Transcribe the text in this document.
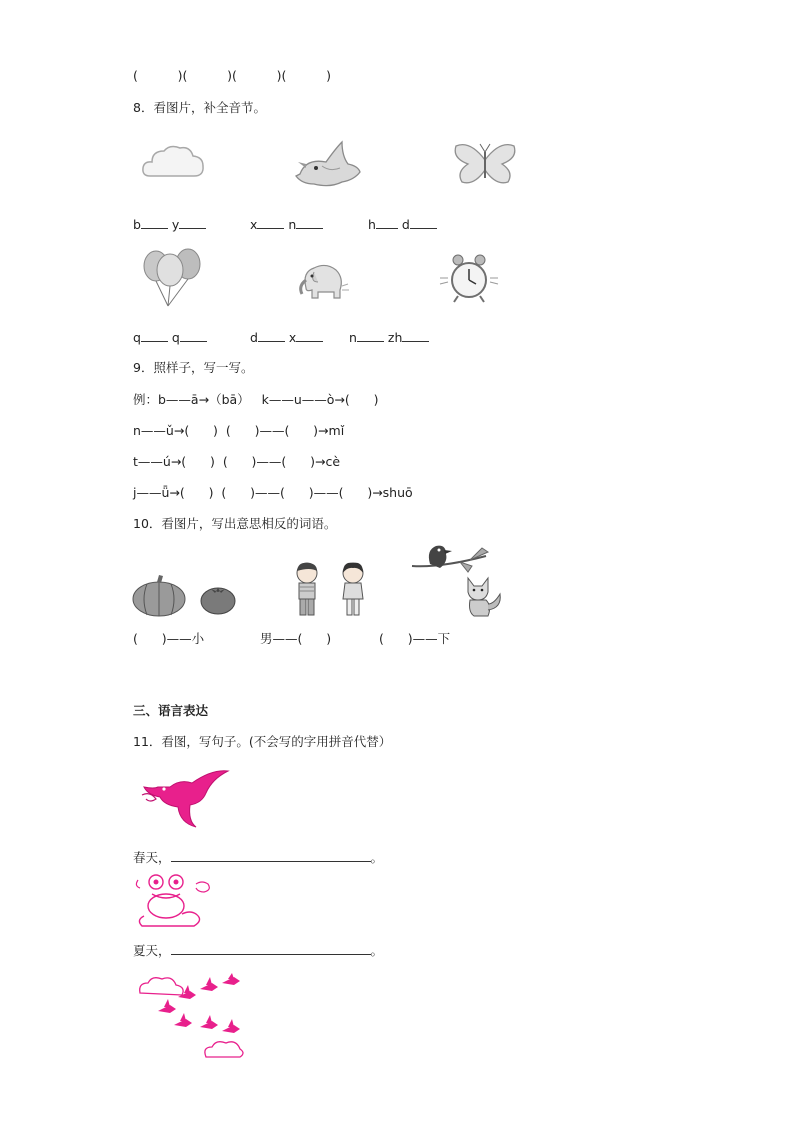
(          )(          )(          )(          )
8．看图片，补全音节。
b y	x n	h d
q q	d x	n zh
9．照样子，写一写。
例：b——ā→（bā）   k——u——ò→(      )
n——ǔ→(      )  (      )——(      )→mǐ
t——ú→(      )  (      )——(      )→cè
j——ǖ→(      )  (      )——(      )——(      )→shuō
10．看图片，写出意思相反的词语。
(      )——小	男——(      )	(      )——下
三、语言表达
11．看图，写句子。(不会写的字用拼音代替）
春天，	。
夏天，	。
